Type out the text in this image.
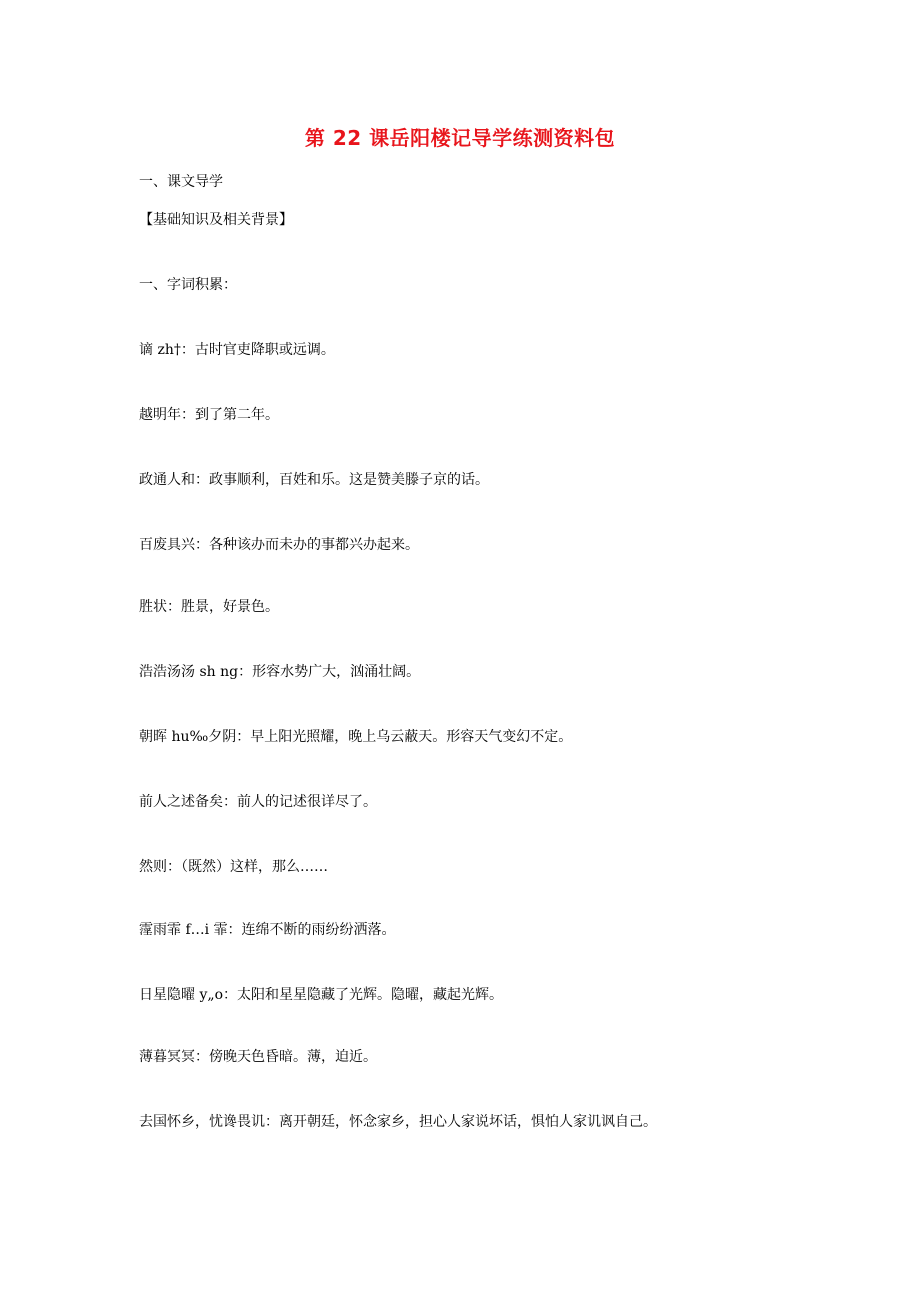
第 22 课岳阳楼记导学练测资料包
一、课文导学
【基础知识及相关背景】
一、字词积累：
谪 zh†：古时官吏降职或远调。
越明年：到了第二年。
政通人和：政事顺利，百姓和乐。这是赞美滕子京的话。
百废具兴：各种该办而未办的事都兴办起来。
胜状：胜景，好景色。
浩浩汤汤 sh ng：形容水势广大，汹涌壮阔。
朝晖 hu‰夕阴：早上阳光照耀，晚上乌云蔽天。形容天气变幻不定。
前人之述备矣：前人的记述很详尽了。
然则：（既然）这样，那么……
霪雨霏 f…i 霏：连绵不断的雨纷纷洒落。
日星隐曜 y„o：太阳和星星隐藏了光辉。隐曜，藏起光辉。
薄暮冥冥：傍晚天色昏暗。薄，迫近。
去国怀乡，忧谗畏讥：离开朝廷，怀念家乡，担心人家说坏话，惧怕人家讥讽自己。
